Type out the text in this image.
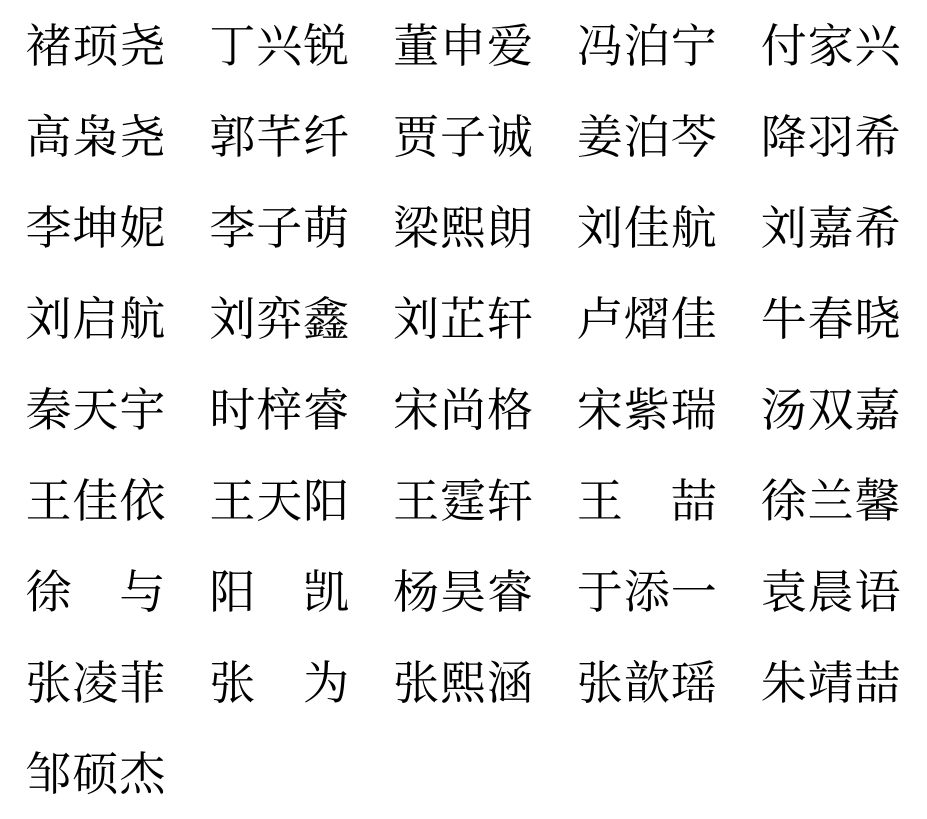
褚顼尧 丁兴锐 董申爱 冯泊宁 付家兴
高枭尧 郭芊纤 贾子诚 姜泊芩 降羽希
李坤妮 李子萌 梁熙朗 刘佳航 刘嘉希
刘启航 刘弈鑫 刘芷轩 卢熠佳 牛春晓
秦天宇 时梓睿 宋尚格 宋紫瑞 汤双嘉
王佳依 王天阳 王霆轩 王　喆 徐兰馨
徐　与 阳　凯 杨昊睿 于添一 袁晨语
张凌菲 张　为 张熙涵 张歆瑶 朱靖喆
邹硕杰
